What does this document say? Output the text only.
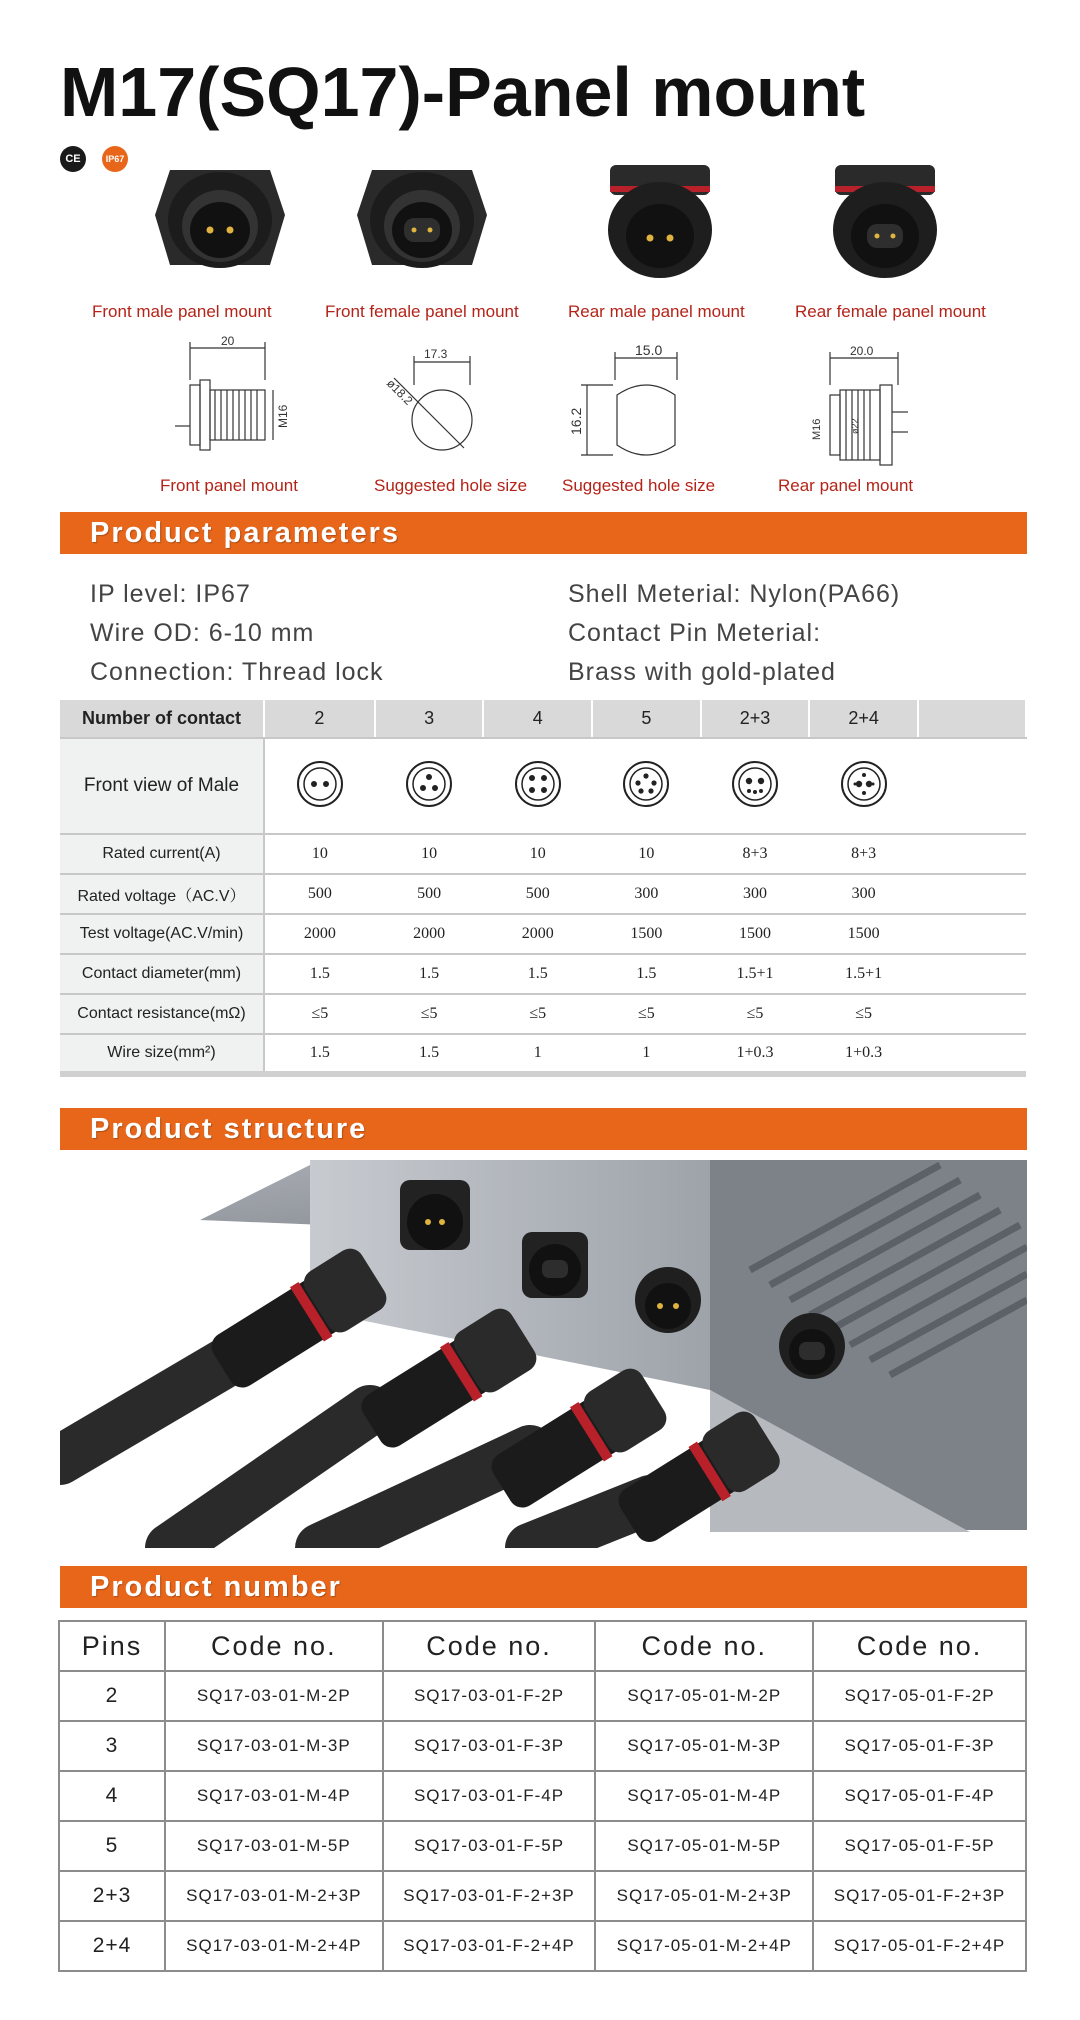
M17(SQ17)-Panel mount
CE	IP67
Front male panel mount	Front female panel mount	Rear male panel mount	Rear female panel mount
20
M16
17.3
ø18.2
15.0
16.2
20.0
M16	ø22
Front panel mount	Suggested hole size Suggested hole size	Rear panel mount
Product parameters
IP level: IP67
Wire OD: 6-10 mm
Connection: Thread lock
Shell Meterial: Nylon(PA66)
Contact Pin Meterial:
Brass with gold-plated
Number of contact	2	3	4	5	2+3	2+4	
Front view of Male							
Rated current(A)	10	10	10	10	8+3	8+3	
Rated voltage（AC.V）	500	500	500	300	300	300	
Test voltage(AC.V/min)	2000	2000	2000	1500	1500	1500	
Contact diameter(mm)	1.5	1.5	1.5	1.5	1.5+1	1.5+1	
Contact resistance(mΩ)	≤5	≤5	≤5	≤5	≤5	≤5	
Wire size(mm²)	1.5	1.5	1	1	1+0.3	1+0.3	
Product structure
Product number
Pins	Code no.	Code no.	Code no.	Code no.
2	SQ17-03-01-M-2P	SQ17-03-01-F-2P	SQ17-05-01-M-2P	SQ17-05-01-F-2P
3	SQ17-03-01-M-3P	SQ17-03-01-F-3P	SQ17-05-01-M-3P	SQ17-05-01-F-3P
4	SQ17-03-01-M-4P	SQ17-03-01-F-4P	SQ17-05-01-M-4P	SQ17-05-01-F-4P
5	SQ17-03-01-M-5P	SQ17-03-01-F-5P	SQ17-05-01-M-5P	SQ17-05-01-F-5P
2+3	SQ17-03-01-M-2+3P	SQ17-03-01-F-2+3P	SQ17-05-01-M-2+3P	SQ17-05-01-F-2+3P
2+4	SQ17-03-01-M-2+4P	SQ17-03-01-F-2+4P	SQ17-05-01-M-2+4P	SQ17-05-01-F-2+4P
